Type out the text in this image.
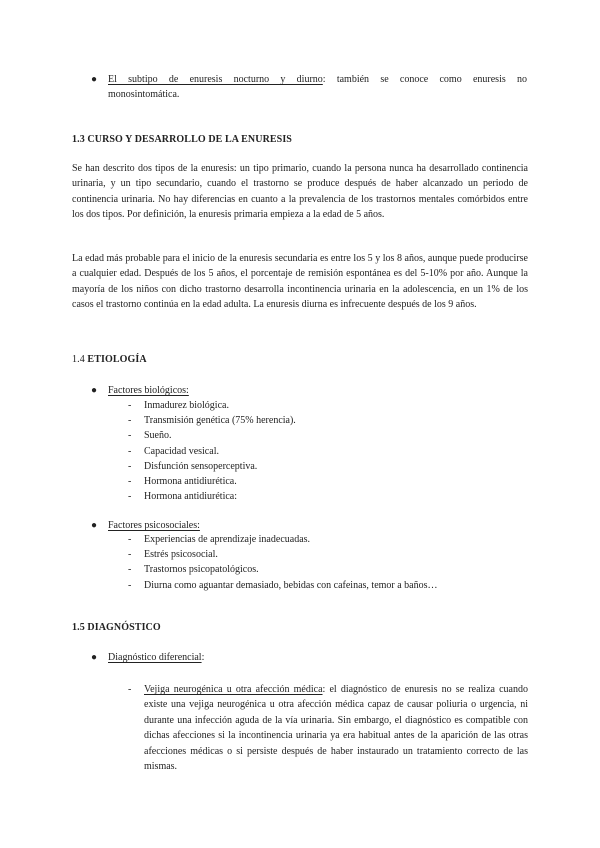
● El subtipo de enuresis nocturno y diurno: también se conoce como enuresis no
monosintomática.
1.3 CURSO Y DESARROLLO DE LA ENURESIS
Se han descrito dos tipos de la enuresis: un tipo primario, cuando la persona nunca ha desarrollado continencia urinaria, y un tipo secundario, cuando el trastorno se produce después de haber alcanzado un periodo de continencia urinaria. No hay diferencias en cuanto a la prevalencia de los trastornos mentales comórbidos entre los dos tipos. Por definición, la enuresis primaria empieza a la edad de 5 años.
La edad más probable para el inicio de la enuresis secundaria es entre los 5 y los 8 años, aunque puede producirse a cualquier edad. Después de los 5 años, el porcentaje de remisión espontánea es del 5-10% por año. Aunque la mayoría de los niños con dicho trastorno desarrolla incontinencia urinaria en la adolescencia, en un 1% de los casos el trastorno continúa en la edad adulta. La enuresis diurna es infrecuente después de los 9 años.
1.4 ETIOLOGÍA
● Factores biológicos:
- Inmadurez biológica.
- Transmisión genética (75% herencia).
- Sueño.
- Capacidad vesical.
- Disfunción sensoperceptiva.
- Hormona antidiurética.
- Hormona antidiurética:
● Factores psicosociales:
- Experiencias de aprendizaje inadecuadas.
- Estrés psicosocial.
- Trastornos psicopatológicos.
- Diurna como aguantar demasiado, bebidas con cafeinas, temor a baños…
1.5 DIAGNÓSTICO
● Diagnóstico diferencial:
- Vejiga neurogénica u otra afección médica: el diagnóstico de enuresis no se realiza cuando existe una vejiga neurogénica u otra afección médica capaz de causar poliuria o urgencia, ni durante una infección aguda de la vía urinaria. Sin embargo, el diagnóstico es compatible con dichas afecciones si la incontinencia urinaria ya era habitual antes de la aparición de las otras afecciones médicas o si persiste después de haber instaurado un tratamiento correcto de las mismas.
